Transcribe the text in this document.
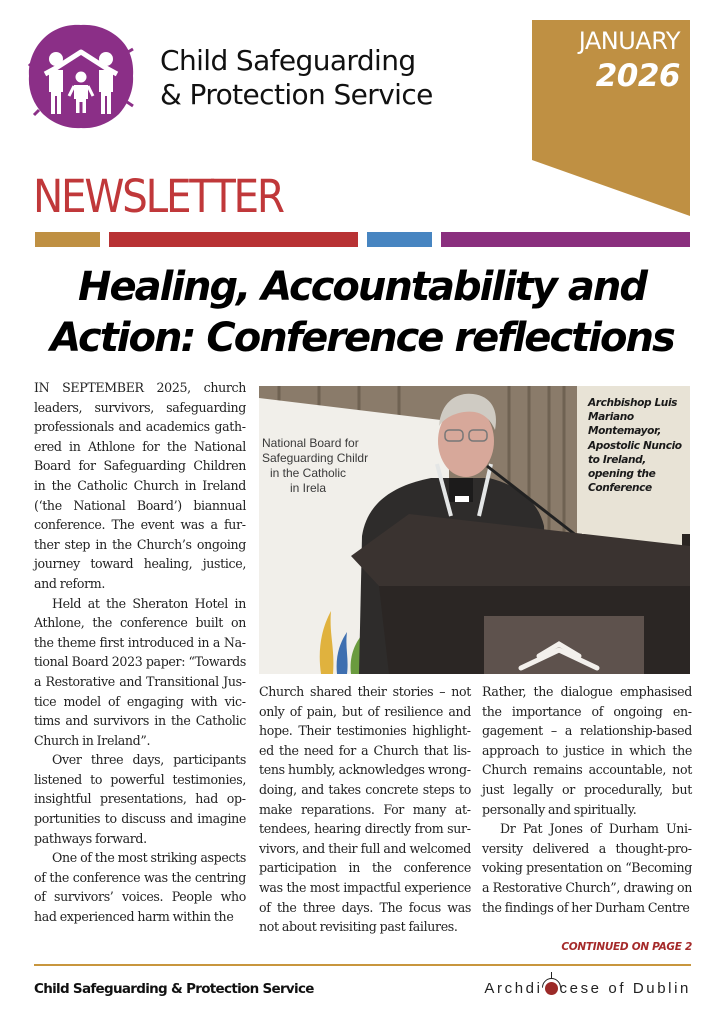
Child Safeguarding
& Protection Service
JANUARY
2026
NEWSLETTER
Healing, Accountability and
Action: Conference reflections

IN SEPTEMBER 2025, church leaders, survivors, safeguarding professionals and academics gathered in Athlone for the National Board for Safeguarding Children in the Catholic Church in Ireland (‘the National Board’) biannual conference. The event was a further step in the Church’s ongoing journey toward healing, justice, and reform.

Held at the Sheraton Hotel in Athlone, the conference built on the theme first introduced in a National Board 2023 paper: “Towards a Restorative and Transitional Justice model of engaging with victims and survivors in the Catholic Church in Ireland”.

Over three days, participants listened to powerful testimonies, insightful presentations, had opportunities to discuss and imagine pathways forward.

One of the most striking aspects of the conference was the centring of survivors’ voices. People who had experienced harm within the

National Board for
Safeguarding Childr
in the Catholic
in Irela
Archbishop Luis Mariano Montemayor, Apostolic Nuncio to Ireland, opening the Conference

Church shared their stories – not only of pain, but of resilience and hope. Their testimonies highlighted the need for a Church that listens humbly, acknowledges wrongdoing, and takes concrete steps to make reparations. For many attendees, hearing directly from survivors, and their full and welcomed participation in the conference was the most impactful experience of the three days. The focus was not about revisiting past failures.

Rather, the dialogue emphasised the importance of ongoing engagement – a relationship-based approach to justice in which the Church remains accountable, not just legally or procedurally, but personally and spiritually.

Dr Pat Jones of Durham University delivered a thought-provoking presentation on “Becoming a Restorative Church”, drawing on the findings of her Durham Centre

CONTINUED ON PAGE 2
Child Safeguarding & Protection Service	Archdi cese of Dublin
